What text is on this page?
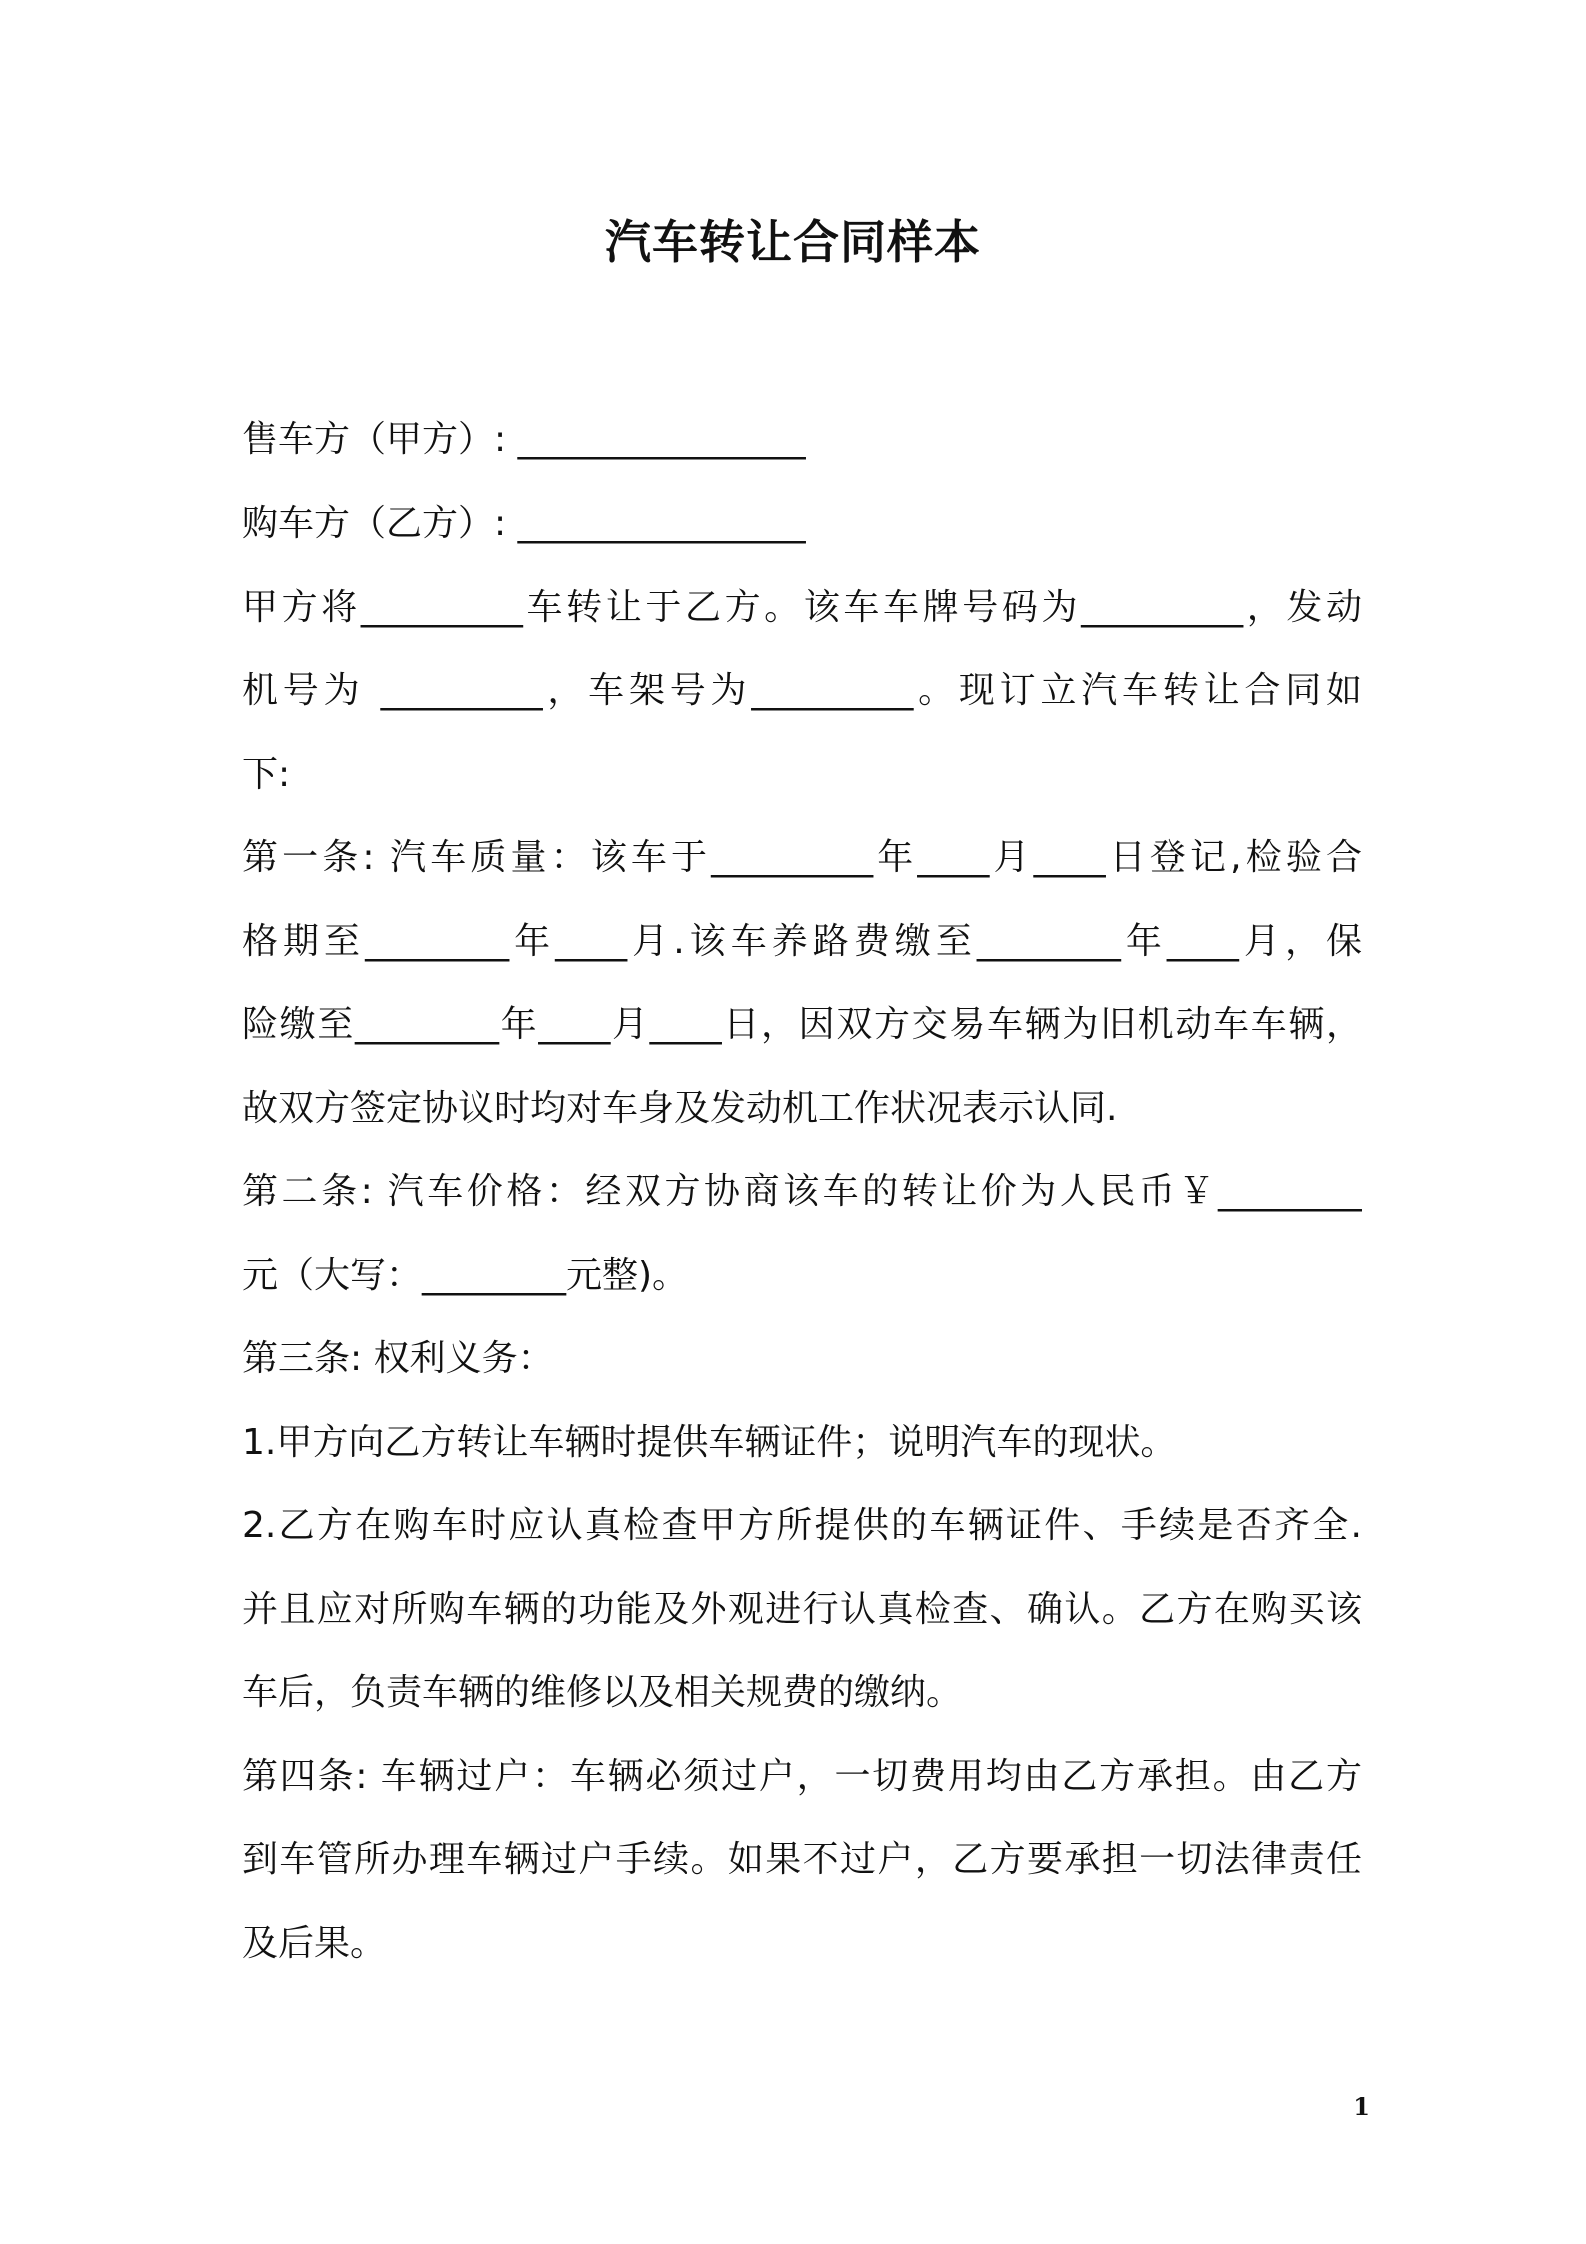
汽车转让合同样本
售车方（甲方）: ________________
购车方（乙方）: ________________
甲方将_________车转让于乙方。该车车牌号码为_________，发动
机号为 _________，车架号为_________。现订立汽车转让合同如
下:
第一条: 汽车质量：该车于_________年____月____日登记,检验合
格期至________年____月.该车养路费缴至________年____月，保
险缴至________年____月____日，因双方交易车辆为旧机动车车辆，
故双方签定协议时均对车身及发动机工作状况表示认同.
第二条: 汽车价格：经双方协商该车的转让价为人民币￥________
元（大写：________元整)。
第三条: 权利义务：
1.甲方向乙方转让车辆时提供车辆证件；说明汽车的现状。
2.乙方在购车时应认真检查甲方所提供的车辆证件、手续是否齐全.
并且应对所购车辆的功能及外观进行认真检查、确认。乙方在购买该
车后，负责车辆的维修以及相关规费的缴纳。
第四条: 车辆过户：车辆必须过户，一切费用均由乙方承担。由乙方
到车管所办理车辆过户手续。如果不过户，乙方要承担一切法律责任
及后果。
1
